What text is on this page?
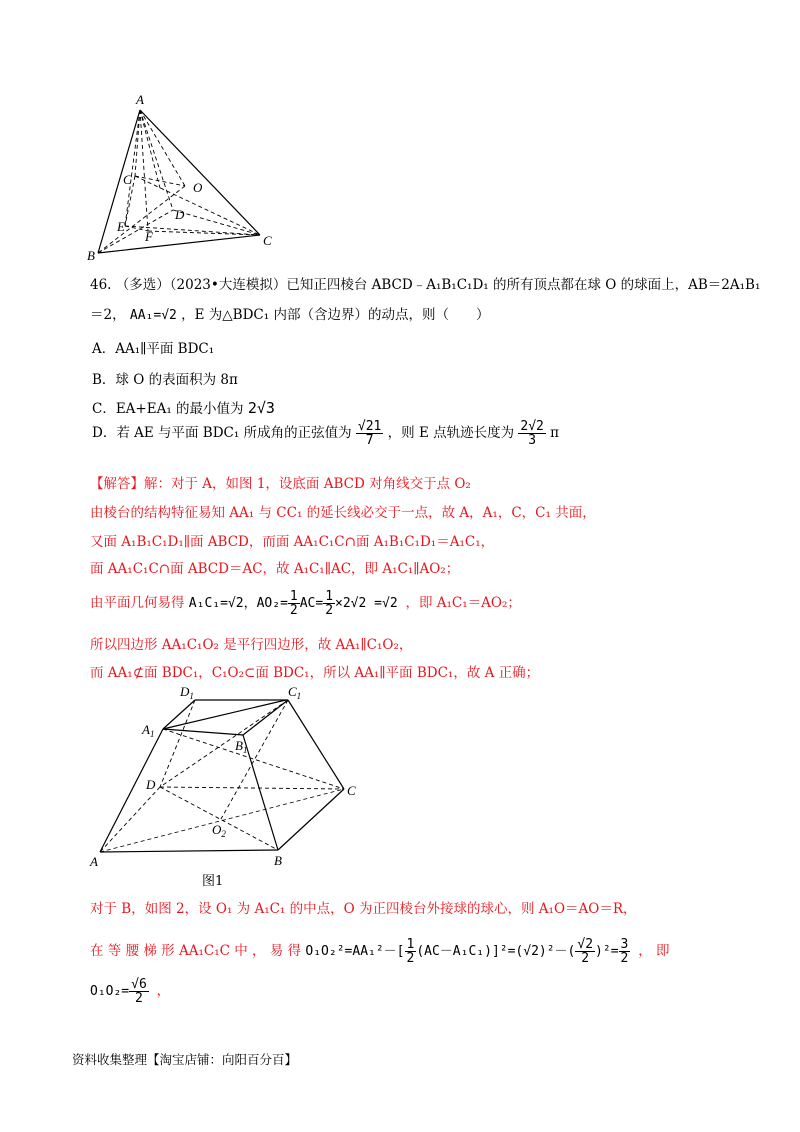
A
B
C
C
O
D
E
F
46. （多选）（2023•大连模拟）已知正四棱台 ABCD﹣A₁B₁C₁D₁ 的所有顶点都在球 O 的球面上，AB＝2A₁B₁
＝2， AA₁=√2 ，E 为△BDC₁ 内部（含边界）的动点，则（　　）
A．AA₁∥平面 BDC₁
B．球 O 的表面积为 8π
C．EA+EA₁ 的最小值为 2√3
D．若 AE 与平面 BDC₁ 所成角的正弦值为 $\frac{√21}{7}$ ，则 E 点轨迹长度为 $\frac{2√2}{3}$ π
【解答】解：对于 A，如图 1，设底面 ABCD 对角线交于点 O₂
由棱台的结构特征易知 AA₁ 与 CC₁ 的延长线必交于一点，故 A，A₁，C，C₁ 共面，
又面 A₁B₁C₁D₁∥面 ABCD，而面 AA₁C₁C∩面 A₁B₁C₁D₁＝A₁C₁，
面 AA₁C₁C∩面 ABCD＝AC，故 A₁C₁∥AC，即 A₁C₁∥AO₂；
由平面几何易得 A₁C₁=√2，$AO_2= \frac{1}{2} AC= \frac{1}{2} \times 2√2 =√2$ ，即 A₁C₁＝AO₂；
所以四边形 AA₁C₁O₂ 是平行四边形，故 AA₁∥C₁O₂，
而 AA₁⊄面 BDC₁，C₁O₂⊂面 BDC₁，所以 AA₁∥平面 BDC₁，故 A 正确；
$D_1$	$C_1$
$A_1$
$B_1$
D	C
$O_2$
A	B
图1
对于 B，如图 2，设 O₁ 为 A₁C₁ 的中点，O 为正四棱台外接球的球心，则 A₁O＝AO＝R，
在 等 腰 梯 形 AA₁C₁C 中 ， 易 得 $O_1O_2^2=AA_1^2-[ \frac{1}{2} (AC-A_1C_1)]^2=(√2)^2-( \frac{√2}{2} )^2= \frac{3}{2}$ ， 即
$O_1O_2= \frac{√6}{2}$ ，
资料收集整理【淘宝店铺：向阳百分百】
